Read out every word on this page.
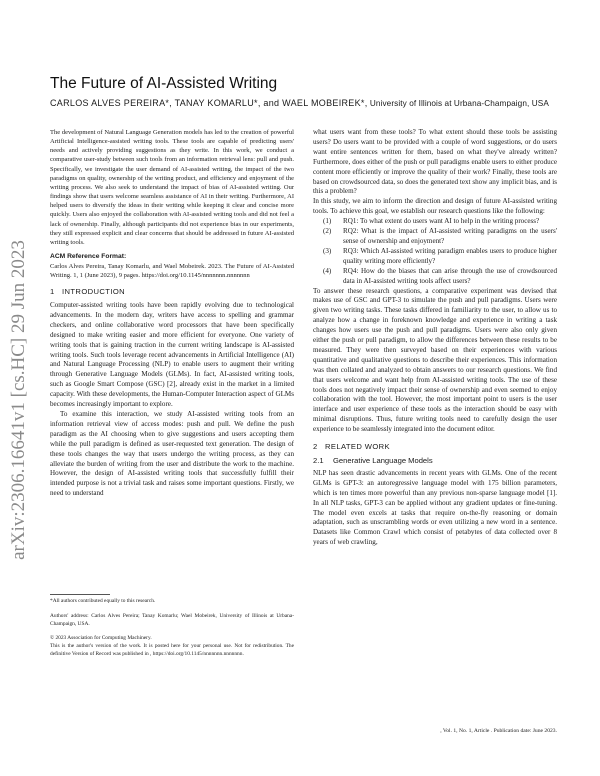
arXiv:2306.16641v1 [cs.HC] 29 Jun 2023
The Future of AI-Assisted Writing
CARLOS ALVES PEREIRA*, TANAY KOMARLU*, and WAEL MOBEIREK*, University of Illinois at Urbana-Champaign, USA

The development of Natural Language Generation models has led to the creation of powerful Artificial Intelligence-assisted writing tools. These tools are capable of predicting users' needs and actively providing suggestions as they write. In this work, we conduct a comparative user-study between such tools from an information retrieval lens: pull and push. Specifically, we investigate the user demand of AI-assisted writing, the impact of the two paradigms on quality, ownership of the writing product, and efficiency and enjoyment of the writing process. We also seek to understand the impact of bias of AI-assisted writing. Our findings show that users welcome seamless assistance of AI in their writing. Furthermore, AI helped users to diversify the ideas in their writing while keeping it clear and concise more quickly. Users also enjoyed the collaboration with AI-assisted writing tools and did not feel a lack of ownership. Finally, although participants did not experience bias in our experiments, they still expressed explicit and clear concerns that should be addressed in future AI-assisted writing tools.

ACM Reference Format:

Carlos Alves Pereira, Tanay Komarlu, and Wael Mobeirek. 2023. The Future of AI-Assisted Writing. 1, 1 (June 2023), 9 pages. https://doi.org/10.1145/nnnnnnn.nnnnnnn

1 INTRODUCTION

Computer-assisted writing tools have been rapidly evolving due to technological advancements. In the modern day, writers have access to spelling and grammar checkers, and online collaborative word processors that have been specifically designed to make writing easier and more efficient for everyone. One variety of writing tools that is gaining traction in the current writing landscape is AI-assisted writing tools. Such tools leverage recent advancements in Artificial Intelligence (AI) and Natural Language Processing (NLP) to enable users to augment their writing through Generative Language Models (GLMs). In fact, AI-assisted writing tools, such as Google Smart Compose (GSC) [2], already exist in the market in a limited capacity. With these developments, the Human-Computer Interaction aspect of GLMs becomes increasingly important to explore.

To examine this interaction, we study AI-assisted writing tools from an information retrieval view of access modes: push and pull. We define the push paradigm as the AI choosing when to give suggestions and users accepting them while the pull paradigm is defined as user-requested text generation. The design of these tools changes the way that users undergo the writing process, as they can alleviate the burden of writing from the user and distribute the work to the machine. However, the design of AI-assisted writing tools that successfully fulfill their intended purpose is not a trivial task and raises some important questions. Firstly, we need to understand

*All authors contributed equally to this research.

Authors' address: Carlos Alves Pereira; Tanay Komarlu; Wael Mobeirek, University of Illinois at Urbana-Champaign, USA.

© 2023 Association for Computing Machinery.

This is the author's version of the work. It is posted here for your personal use. Not for redistribution. The definitive Version of Record was published in , https://doi.org/10.1145/nnnnnnn.nnnnnnn.

what users want from these tools? To what extent should these tools be assisting users? Do users want to be provided with a couple of word suggestions, or do users want entire sentences written for them, based on what they've already written? Furthermore, does either of the push or pull paradigms enable users to either produce content more efficiently or improve the quality of their work? Finally, these tools are based on crowdsourced data, so does the generated text show any implicit bias, and is this a problem?

In this study, we aim to inform the direction and design of future AI-assisted writing tools. To achieve this goal, we establish our research questions like the following:

(1) RQ1: To what extent do users want AI to help in the writing process?
(2) RQ2: What is the impact of AI-assisted writing paradigms on the users' sense of ownership and enjoyment?
(3) RQ3: Which AI-assisted writing paradigm enables users to produce higher quality writing more efficiently?
(4) RQ4: How do the biases that can arise through the use of crowdsourced data in AI-assisted writing tools affect users?

To answer these research questions, a comparative experiment was devised that makes use of GSC and GPT-3 to simulate the push and pull paradigms. Users were given two writing tasks. These tasks differed in familiarity to the user, to allow us to analyze how a change in foreknown knowledge and experience in writing a task changes how users use the push and pull paradigms. Users were also only given either the push or pull paradigm, to allow the differences between these results to be measured. They were then surveyed based on their experiences with various quantitative and qualitative questions to describe their experiences. This information was then collated and analyzed to obtain answers to our research questions. We find that users welcome and want help from AI-assisted writing tools. The use of these tools does not negatively impact their sense of ownership and even seemed to enjoy collaboration with the tool. However, the most important point to users is the user interface and user experience of these tools as the interaction should be easy with minimal disruptions. Thus, future writing tools need to carefully design the user experience to be seamlessly integrated into the document editor.

2 RELATED WORK

2.1 Generative Language Models

NLP has seen drastic advancements in recent years with GLMs. One of the recent GLMs is GPT-3: an autoregressive language model with 175 billion parameters, which is ten times more powerful than any previous non-sparse language model [1]. In all NLP tasks, GPT-3 can be applied without any gradient updates or fine-tuning. The model even excels at tasks that require on-the-fly reasoning or domain adaptation, such as unscrambling words or even utilizing a new word in a sentence. Datasets like Common Crawl which consist of petabytes of data collected over 8 years of web crawling,

, Vol. 1, No. 1, Article . Publication date: June 2023.
